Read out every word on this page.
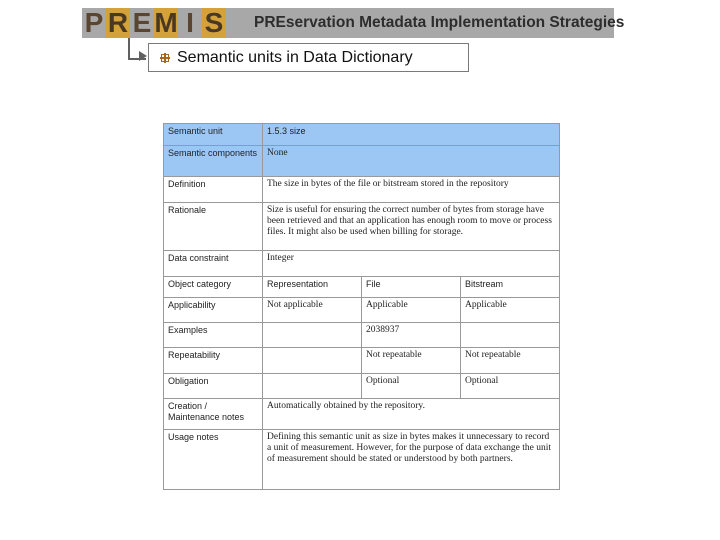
P R E M I S PREservation Metadata Implementation Strategies
Semantic units in Data Dictionary
Semantic unit	1.5.3 size		
Semantic components	None		
Definition	The size in bytes of the file or bitstream stored in the repository		
Rationale	Size is useful for ensuring the correct number of bytes from storage have been retrieved and that an application has enough room to move or process files. It might also be used when billing for storage.		
Data constraint	Integer		
Object category	Representation	File	Bitstream
Applicability	Not applicable	Applicable	Applicable
Examples		2038937	
Repeatability		Not repeatable	Not repeatable
Obligation		Optional	Optional
Creation / Maintenance notes	Automatically obtained by the repository.		
Usage notes	Defining this semantic unit as size in bytes makes it unnecessary to record a unit of measurement. However, for the purpose of data exchange the unit of measurement should be stated or understood by both partners.		
